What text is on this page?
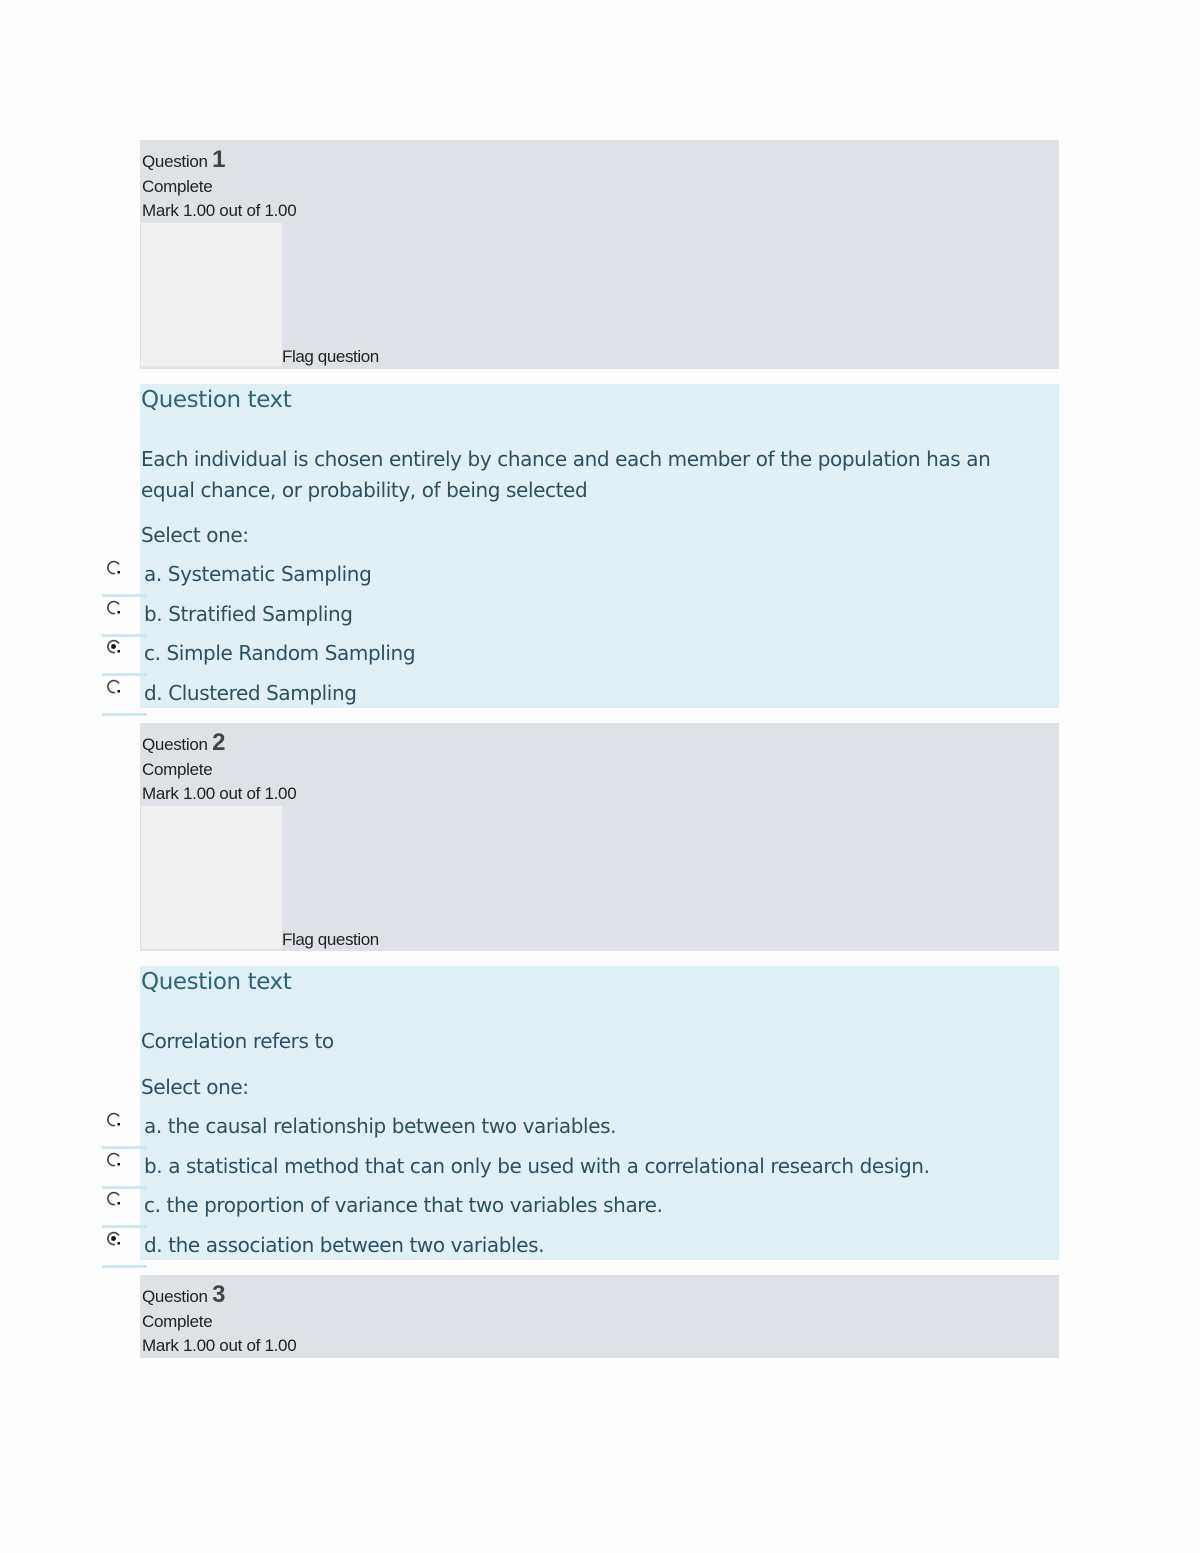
Question 1
Complete
Mark 1.00 out of 1.00
Flag question
Question text
Each individual is chosen entirely by chance and each member of the population has an equal chance, or probability, of being selected
Select one:
a. Systematic Sampling
b. Stratified Sampling
c. Simple Random Sampling
d. Clustered Sampling
Question 2
Complete
Mark 1.00 out of 1.00
Flag question
Question text
Correlation refers to
Select one:
a. the causal relationship between two variables.
b. a statistical method that can only be used with a correlational research design.
c. the proportion of variance that two variables share.
d. the association between two variables.
Question 3
Complete
Mark 1.00 out of 1.00
